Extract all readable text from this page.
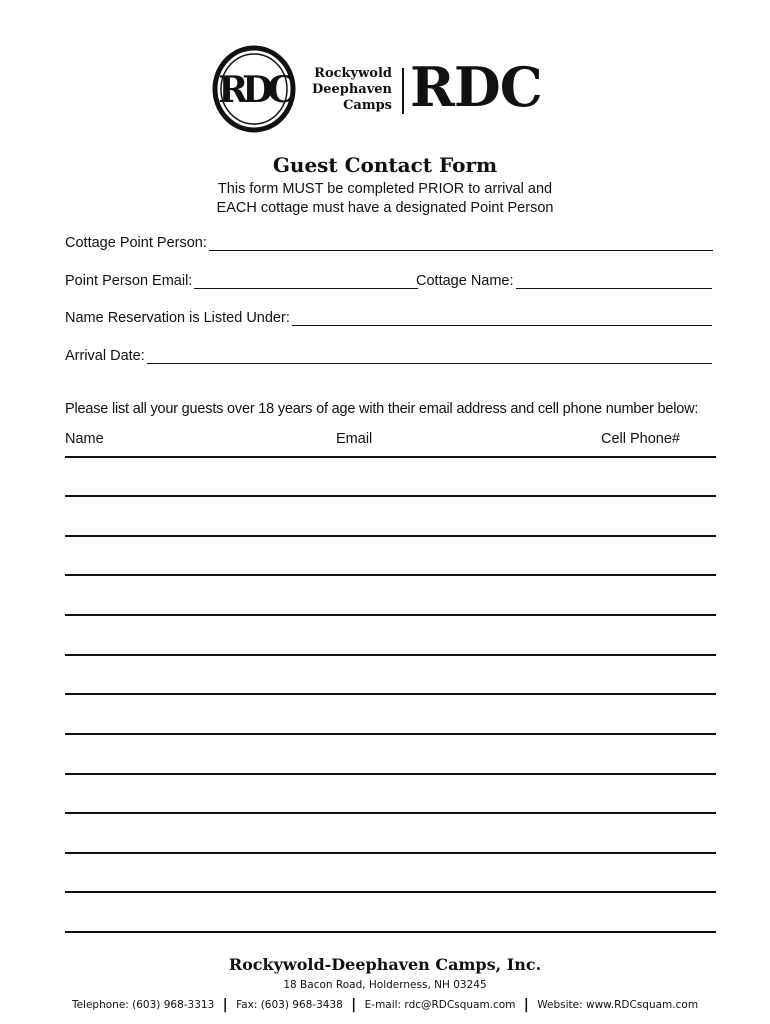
RDC	Rockywold
Deephaven
Camps RDC
Guest Contact Form
This form MUST be completed PRIOR to arrival and
EACH cottage must have a designated Point Person
Cottage Point Person:
Point Person Email:	Cottage Name:
Name Reservation is Listed Under:
Arrival Date:
Please list all your guests over 18 years of age with their email address and cell phone number below:
Name	Email	Cell Phone#
Rockywold-Deephaven Camps, Inc.
18 Bacon Road, Holderness, NH 03245
Telephone: (603) 968-3313 | Fax: (603) 968-3438 | E-mail: rdc@RDCsquam.com | Website: www.RDCsquam.com
